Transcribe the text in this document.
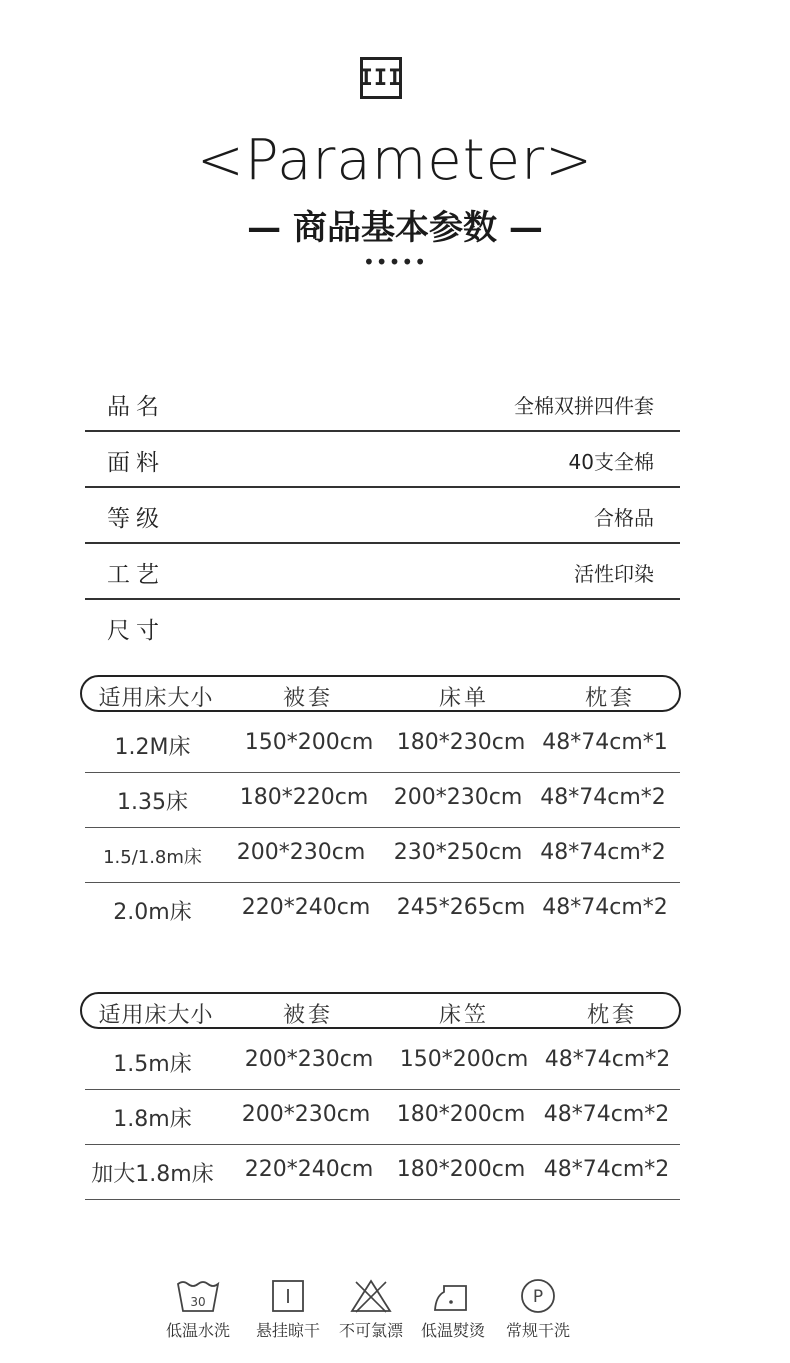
III
<Parameter>
— 商品基本参数 —
•••••
品名	全棉双拼四件套
面料	40支全棉
等级	合格品
工艺	活性印染
尺寸
适用床大小	被套	床单	枕套
1.2M床	150*200cm	180*230cm 48*74cm*1
1.35床	180*220cm	200*230cm 48*74cm*2
1.5/1.8m床	200*230cm	230*250cm 48*74cm*2
2.0m床	220*240cm	245*265cm 48*74cm*2
适用床大小	被套	床笠	枕套
1.5m床	200*230cm	150*200cm 48*74cm*2
1.8m床	200*230cm	180*200cm 48*74cm*2
加大1.8m床	220*240cm	180*200cm 48*74cm*2
30
低温水洗	悬挂晾干	不可氯漂	低温熨烫
P
常规干洗
